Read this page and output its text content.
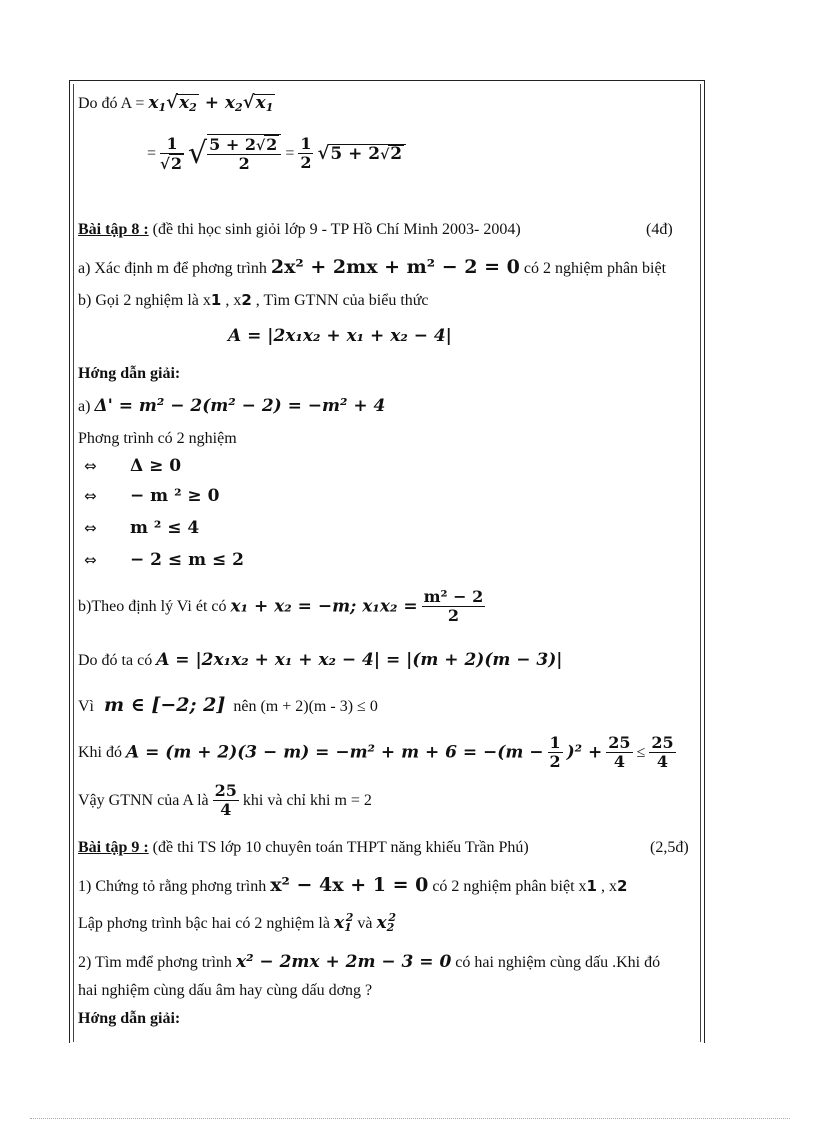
Do đó $A = x_1√x_2 + x_2√x_1$
= $\frac{1}{√2}$ √ $\frac{5 + 2√2}{2} = \frac{1}{2} √5 + 2√2$
Bài tập 8 : (đề thi học sinh giỏi lớp 9 - TP Hồ Chí Minh 2003- 2004)	(4đ)
a) Xác định m để phơng trình 2x² + 2mx + m² − 2 = 0 có 2 nghiệm phân biệt
b) Gọi 2 nghiệm là x1 , x2 , Tìm GTNN của biểu thức
A = |2x₁x₂ + x₁ + x₂ − 4|
Hớng dẫn giải:
a) Δ' = m² − 2(m² − 2) = −m² + 4
Phơng trình có 2 nghiệm
⇔ Δ ≥ 0
⇔ − m ² ≥ 0
⇔ m ² ≤ 4
⇔ − 2 ≤ m ≤ 2
b)Theo định lý Vi ét có x₁ + x₂ = −m; $x_1x_2 = \frac{\text{m² − 2}}{2}$
Do đó ta có A = |2x₁x₂ + x₁ + x₂ − 4| = |(m + 2)(m − 3)|
Vì m ∈ [−2; 2] nên (m + 2)(m - 3) ≤ 0
Khi đó $A = (m + 2)(3 - m) = -m^2 + m + 6 = -(m - \frac{1}{2} )^2 + \frac{25}{4} \le \frac{25}{4}$
Vậy GTNN của A là $\frac{25}{4}$ khi và chỉ khi m = 2
Bài tập 9 : (đề thi TS lớp 10 chuyên toán THPT năng khiếu Trần Phú)	(2,5đ)
1) Chứng tỏ rằng phơng trình x² − 4x + 1 = 0 có 2 nghiệm phân biệt x1 , x2
Lập phơng trình bậc hai có 2 nghiệm là $x_1^2$ và $x_2^2$
2) Tìm mđể phơng trình x² − 2mx + 2m − 3 = 0 có hai nghiệm cùng dấu .Khi đó
hai nghiệm cùng dấu âm hay cùng dấu dơng ?
Hớng dẫn giải:
